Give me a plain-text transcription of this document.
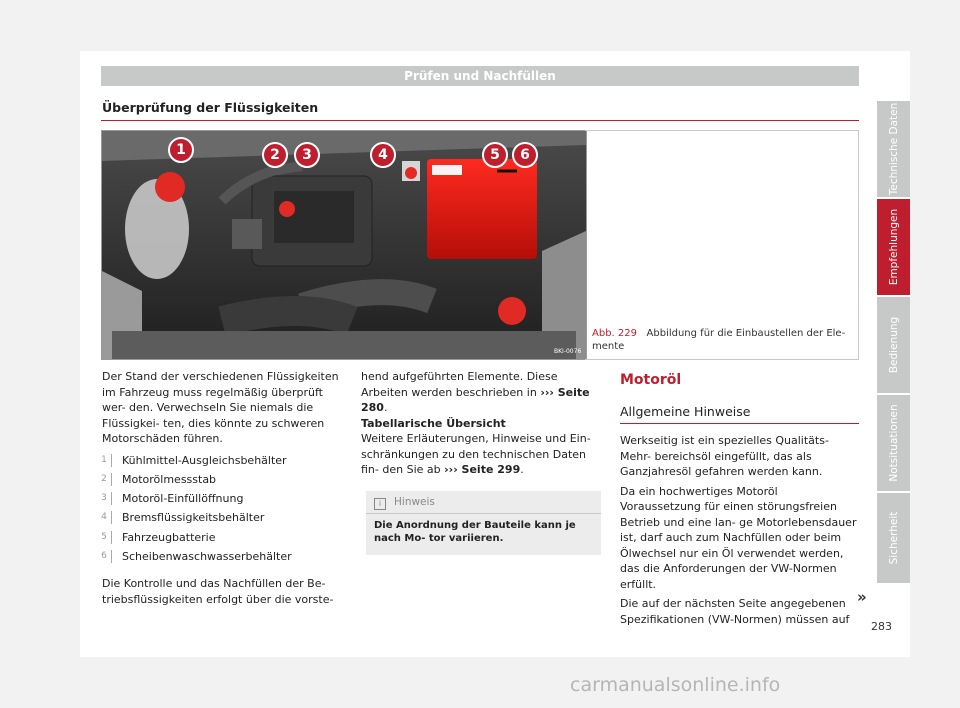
Prüfen und Nachfüllen
Überprüfung der Flüssigkeiten
BKI-0076
1	2	3	4	5	6
Abb. 229 Abbildung für die Einbaustellen der Ele- mente

Der Stand der verschiedenen Flüssigkeiten im Fahrzeug muss regelmäßig überprüft wer- den. Verwechseln Sie niemals die Flüssigkei- ten, dies könnte zu schweren Motorschäden führen.

1	Kühlmittel-Ausgleichsbehälter
2	Motorölmessstab
3	Motoröl-Einfüllöffnung
4	Bremsflüssigkeitsbehälter
5	Fahrzeugbatterie
6	Scheibenwaschwasserbehälter

Die Kontrolle und das Nachfüllen der Be- triebsflüssigkeiten erfolgt über die vorste-

hend aufgeführten Elemente. Diese Arbeiten werden beschrieben in ››› Seite 280.

Tabellarische Übersicht

Weitere Erläuterungen, Hinweise und Ein- schränkungen zu den technischen Daten fin- den Sie ab ››› Seite 299.

i Hinweis
Die Anordnung der Bauteile kann je nach Mo- tor variieren.
Motoröl
Allgemeine Hinweise

Werkseitig ist ein spezielles Qualitäts-Mehr- bereichsöl eingefüllt, das als Ganzjahresöl gefahren werden kann.

Da ein hochwertiges Motoröl Voraussetzung für einen störungsfreien Betrieb und eine lan- ge Motorlebensdauer ist, darf auch zum Nachfüllen oder beim Ölwechsel nur ein Öl verwendet werden, das die Anforderungen der VW-Normen erfüllt.

Die auf der nächsten Seite angegebenen Spezifikationen (VW-Normen) müssen auf

»
Technische Daten
Empfehlungen
Bedienung
Notsituationen
Sicherheit
283
carmanualsonline.info
